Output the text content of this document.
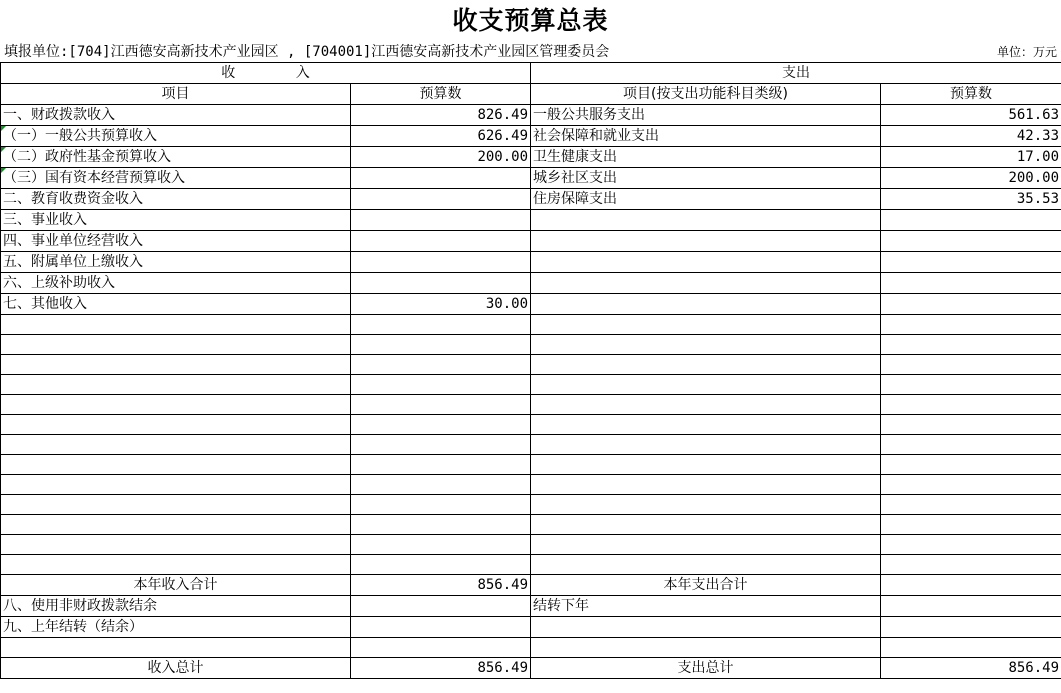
收支预算总表
填报单位:[704]江西德安高新技术产业园区 , [704001]江西德安高新技术产业园区管理委员会	单位：万元
收 入		支出	
项目	预算数	项目(按支出功能科目类级)	预算数
一、财政拨款收入	826.49	一般公共服务支出	561.63

（一）一般公共预算收入	626.49	社会保障和就业支出	42.33

（二）政府性基金预算收入	200.00	卫生健康支出	17.00

（三）国有资本经营预算收入		城乡社区支出	200.00
二、教育收费资金收入		住房保障支出	35.53
三、事业收入			
四、事业单位经营收入			
五、附属单位上缴收入			
六、上级补助收入			
七、其他收入	30.00		

本年收入合计	856.49	本年支出合计	
八、使用非财政拨款结余		结转下年	
九、上年结转（结余）			

收入总计	856.49	支出总计	856.49
